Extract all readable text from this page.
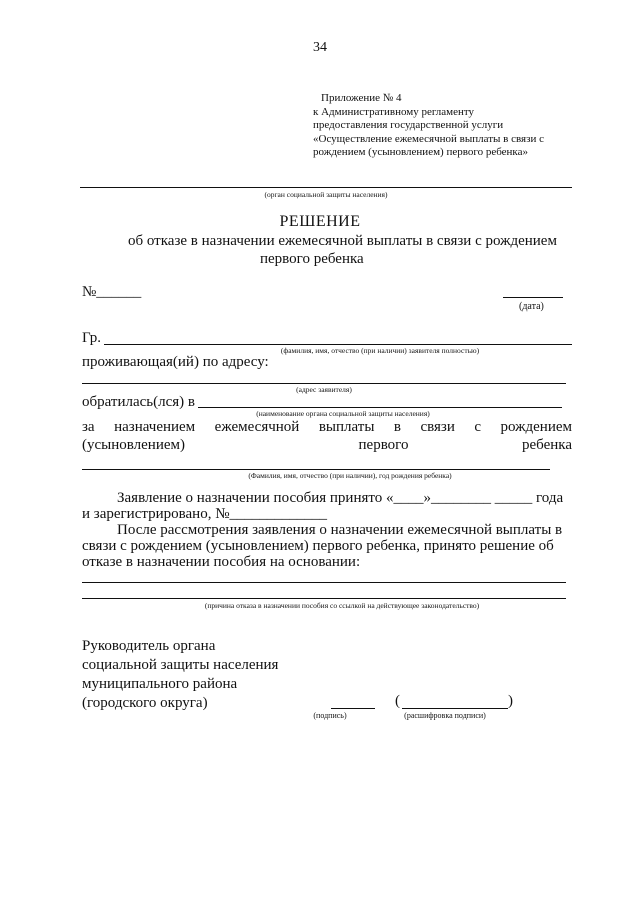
34
Приложение № 4
к Административному регламенту
предоставления государственной услуги
«Осуществление ежемесячной выплаты в связи с
рождением (усыновлением) первого ребенка»
(орган социальной защиты населения)
РЕШЕНИЕ
об отказе в назначении ежемесячной выплаты в связи с рождением
первого ребенка
№______
(дата)
Гр.
(фамилия, имя, отчество (при наличии) заявителя полностью)
проживающая(ий) по адресу:
(адрес заявителя)
обратилась(лся) в
(наименование органа социальной защиты населения)
за назначением ежемесячной выплаты в связи с рождением
(усыновлением)	первого	ребенка
(Фамилия, имя, отчество (при наличии), год рождения ребенка)
Заявление о назначении пособия принято «____»________ _____ года
и зарегистрировано, №_____________
После рассмотрения заявления о назначении ежемесячной выплаты в
связи с рождением (усыновлением) первого ребенка, принято решение об
отказе в назначении пособия на основании:
(причина отказа в назначении пособия со ссылкой на действующее законодательство)
Руководитель органа
социальной защиты населения
муниципального района
(городского округа)
(подпись)
(	)
(расшифровка подписи)
